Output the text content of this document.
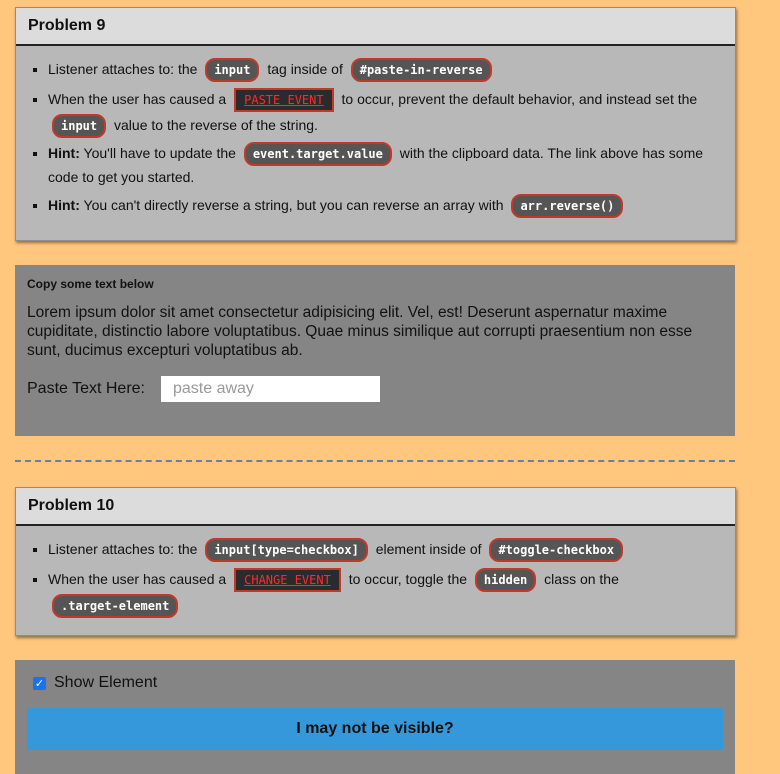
Problem 9
▪ Listener attaches to: the input tag inside of #paste-in-reverse
▪ When the user has caused a PASTE EVENT to occur, prevent the default behavior, and instead set the input value to the reverse of the string.
▪ Hint: You'll have to update the event.target.value with the clipboard data. The link above has some code to get you started.
▪ Hint: You can't directly reverse a string, but you can reverse an array with arr.reverse()
Copy some text below

Lorem ipsum dolor sit amet consectetur adipisicing elit. Vel, est! Deserunt aspernatur maxime cupiditate, distinctio labore voluptatibus. Quae minus similique aut corrupti praesentium non esse sunt, ducimus excepturi voluptatibus ab.

Paste Text Here:	paste away
Problem 10
▪ Listener attaches to: the input[type=checkbox] element inside of #toggle-checkbox
▪ When the user has caused a CHANGE EVENT to occur, toggle the hidden class on the .target-element
✓ Show Element
I may not be visible?
